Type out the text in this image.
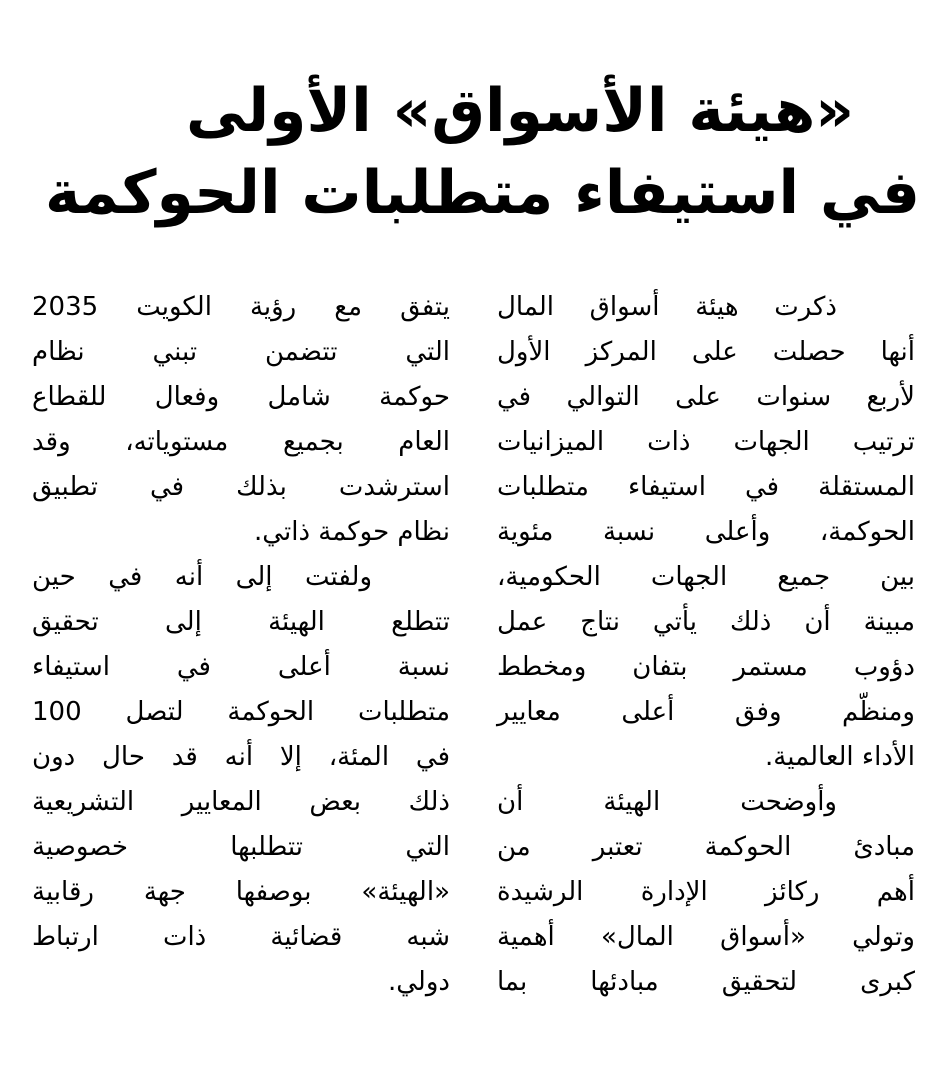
«هيئة الأسواق» الأولى
في استيفاء متطلبات الحوكمة

ذكرت هيئة أسواق المال
أنها حصلت على المركز الأول
لأربع سنوات على التوالي في
ترتيب الجهات ذات الميزانيات
المستقلة في استيفاء متطلبات
الحوكمة، وأعلى نسبة مئوية
بين جميع الجهات الحكومية،
مبينة أن ذلك يأتي نتاج عمل
دؤوب مستمر بتفان ومخطط
ومنظّم وفق أعلى معايير
الأداء العالمية.

وأوضحت الهيئة أن
مبادئ الحوكمة تعتبر من
أهم ركائز الإدارة الرشيدة
وتولي «أسواق المال» أهمية
كبرى لتحقيق مبادئها بما

يتفق مع رؤية الكويت 2035
التي تتضمن تبني نظام
حوكمة شامل وفعال للقطاع
العام بجميع مستوياته، وقد
استرشدت بذلك في تطبيق
نظام حوكمة ذاتي.

ولفتت إلى أنه في حين
تتطلع الهيئة إلى تحقيق
نسبة أعلى في استيفاء
متطلبات الحوكمة لتصل 100
في المئة، إلا أنه قد حال دون
ذلك بعض المعايير التشريعية
التي تتطلبها خصوصية
«الهيئة» بوصفها جهة رقابية
شبه قضائية ذات ارتباط
دولي.
